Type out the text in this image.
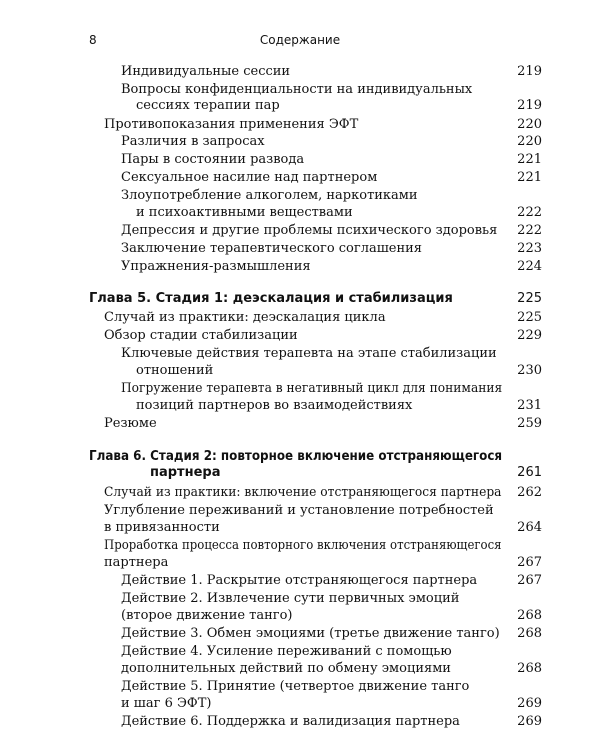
8	Содержание
Индивидуальные сессии	219
Вопросы конфиденциальности на индивидуальных
сессиях терапии пар	219
Противопоказания применения ЭФТ	220
Различия в запросах	220
Пары в состоянии развода	221
Сексуальное насилие над партнером	221
Злоупотребление алкоголем, наркотиками
и психоактивными веществами	222
Депрессия и другие проблемы психического здоровья 222
Заключение терапевтического соглашения	223
Упражнения-размышления	224
Глава 5. Стадия 1: деэскалация и стабилизация	225
Случай из практики: деэскалация цикла	225
Обзор стадии стабилизации	229
Ключевые действия терапевта на этапе стабилизации
отношений	230
Погружение терапевта в негативный цикл для понимания
позиций партнеров во взаимодействиях	231
Резюме	259
Глава 6. Стадия 2: повторное включение отстраняющегося
партнера	261
Случай из практики: включение отстраняющегося партнера 262
Углубление переживаний и установление потребностей
в привязанности	264
Проработка процесса повторного включения отстраняющегося
партнера	267
Действие 1. Раскрытие отстраняющегося партнера	267
Действие 2. Извлечение сути первичных эмоций
(второе движение танго)	268
Действие 3. Обмен эмоциями (третье движение танго) 268
Действие 4. Усиление переживаний с помощью
дополнительных действий по обмену эмоциями	268
Действие 5. Принятие (четвертое движение танго
и шаг 6 ЭФТ)	269
Действие 6. Поддержка и валидизация партнера	269
